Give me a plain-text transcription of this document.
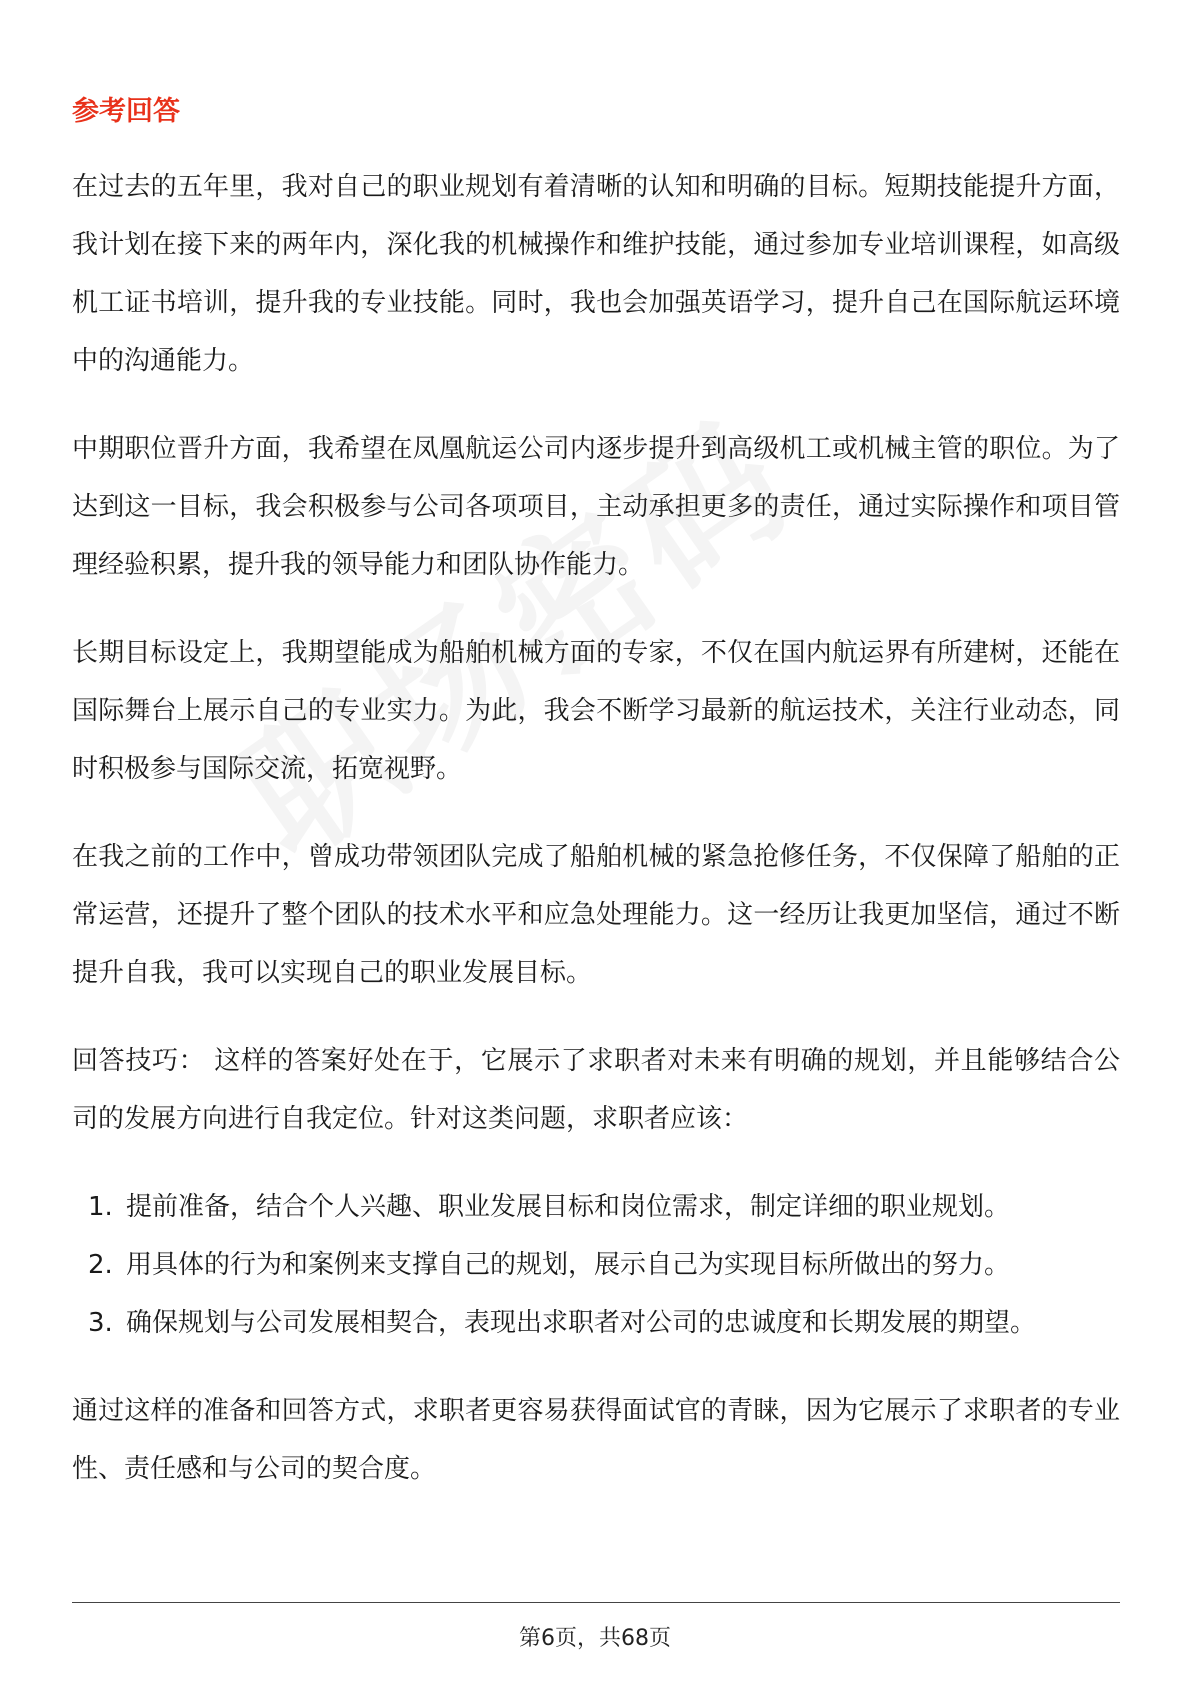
参考回答

在过去的五年里，我对自己的职业规划有着清晰的认知和明确的目标。短期技能提升方面，我计划在接下来的两年内，深化我的机械操作和维护技能，通过参加专业培训课程，如高级机工证书培训，提升我的专业技能。同时，我也会加强英语学习，提升自己在国际航运环境中的沟通能力。

中期职位晋升方面，我希望在凤凰航运公司内逐步提升到高级机工或机械主管的职位。为了达到这一目标，我会积极参与公司各项项目，主动承担更多的责任，通过实际操作和项目管理经验积累，提升我的领导能力和团队协作能力。

长期目标设定上，我期望能成为船舶机械方面的专家，不仅在国内航运界有所建树，还能在国际舞台上展示自己的专业实力。为此，我会不断学习最新的航运技术，关注行业动态，同时积极参与国际交流，拓宽视野。

在我之前的工作中，曾成功带领团队完成了船舶机械的紧急抢修任务，不仅保障了船舶的正常运营，还提升了整个团队的技术水平和应急处理能力。这一经历让我更加坚信，通过不断提升自我，我可以实现自己的职业发展目标。

回答技巧： 这样的答案好处在于，它展示了求职者对未来有明确的规划，并且能够结合公司的发展方向进行自我定位。针对这类问题，求职者应该：

1. 提前准备，结合个人兴趣、职业发展目标和岗位需求，制定详细的职业规划。
2. 用具体的行为和案例来支撑自己的规划，展示自己为实现目标所做出的努力。
3. 确保规划与公司发展相契合，表现出求职者对公司的忠诚度和长期发展的期望。

通过这样的准备和回答方式，求职者更容易获得面试官的青睐，因为它展示了求职者的专业性、责任感和与公司的契合度。

第6页，共68页
